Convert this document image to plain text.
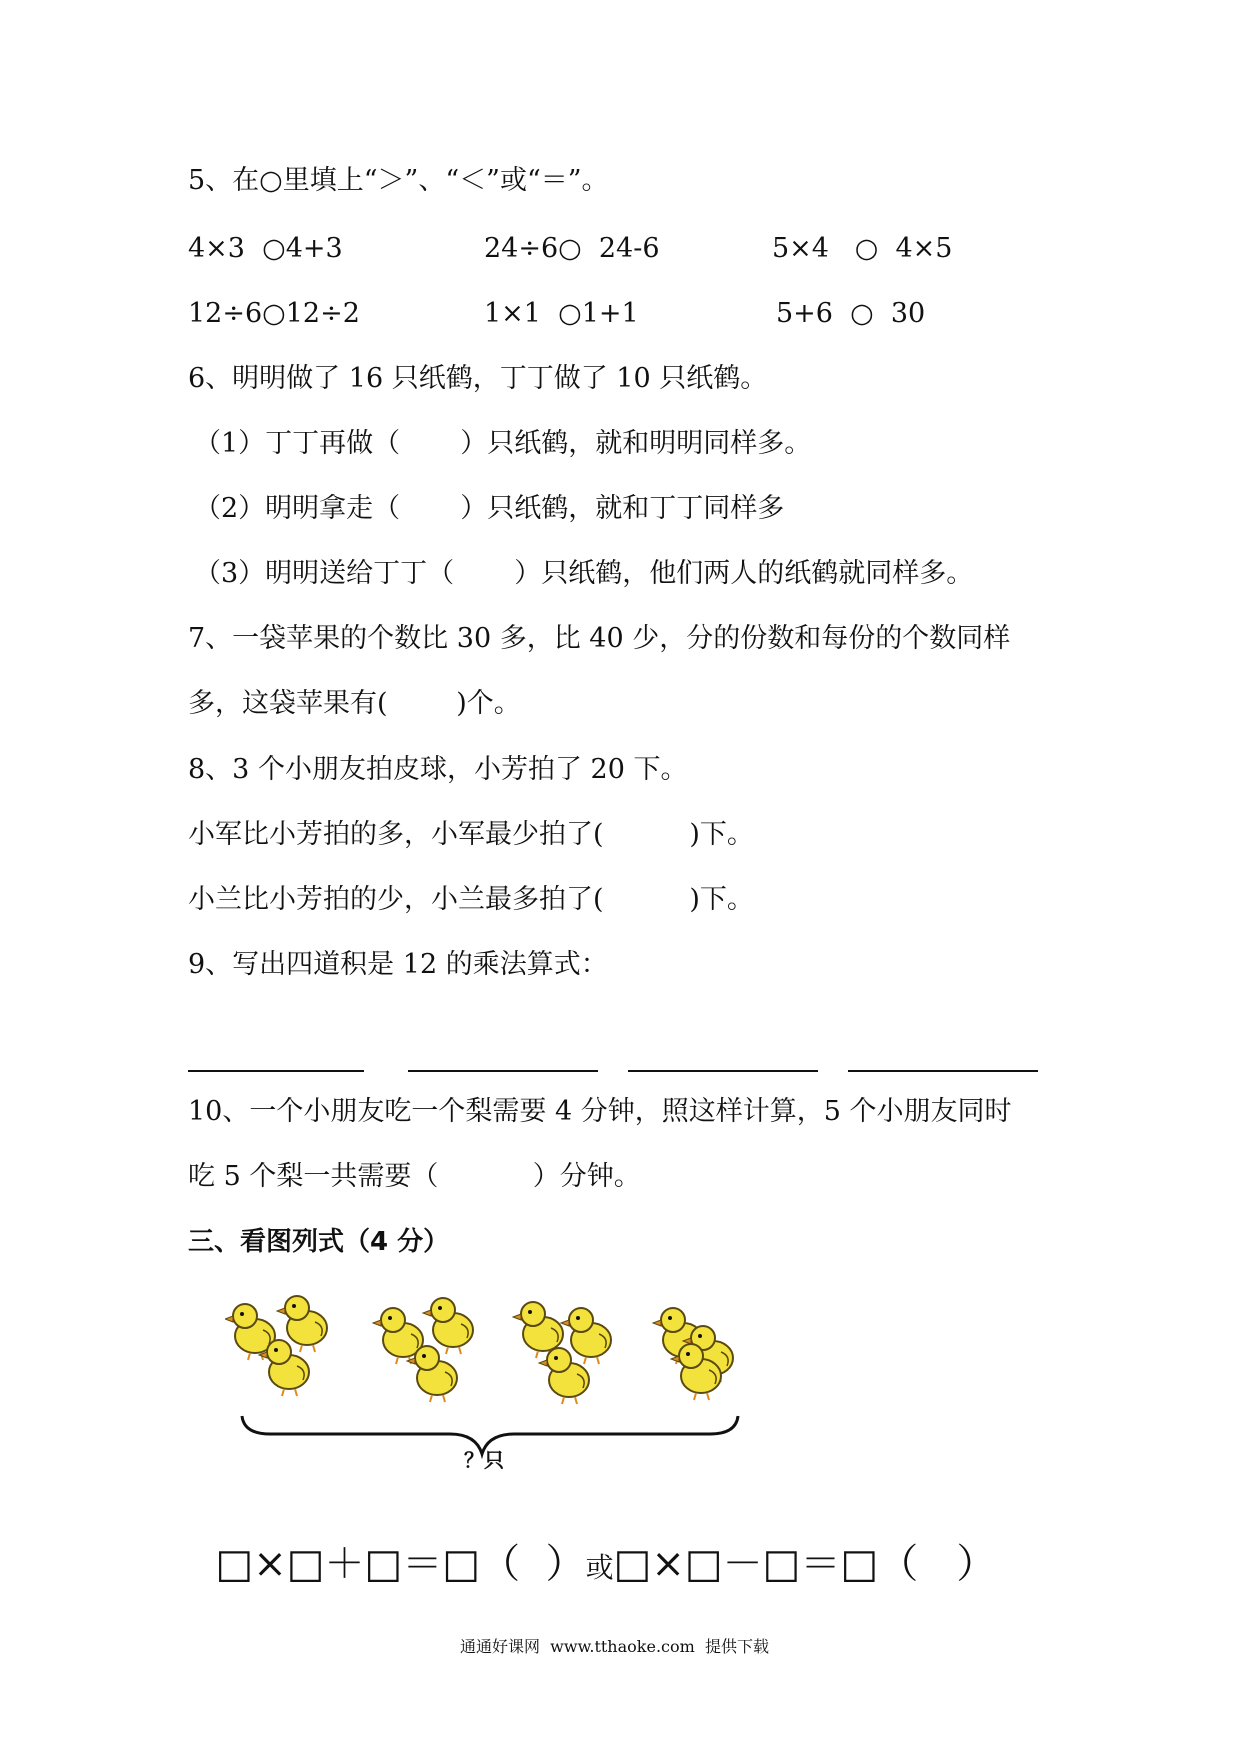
5、在○里填上“＞”、“＜”或“＝”。
4×3  ○4+3	24÷6○  24-6	5×4   ○  4×5
12÷6○12÷2	1×1  ○1+1	5+6  ○  30
6、明明做了 16 只纸鹤，丁丁做了 10 只纸鹤。
（1）丁丁再做（       ）只纸鹤，就和明明同样多。
（2）明明拿走（       ）只纸鹤，就和丁丁同样多
（3）明明送给丁丁（       ）只纸鹤，他们两人的纸鹤就同样多。
7、一袋苹果的个数比 30 多，比 40 少，分的份数和每份的个数同样
多，这袋苹果有(        )个。
8、3 个小朋友拍皮球，小芳拍了 20 下。
小军比小芳拍的多，小军最少拍了(          )下。
小兰比小芳拍的少，小兰最多拍了(          )下。
9、写出四道积是 12 的乘法算式：
10、一个小朋友吃一个梨需要 4 分钟，照这样计算，5 个小朋友同时
吃 5 个梨一共需要（           ）分钟。
三、看图列式（4 分）
？只

□×□＋□＝□（  ）或□×□－□＝□（   ）

通通好课网  www.tthaoke.com  提供下载
